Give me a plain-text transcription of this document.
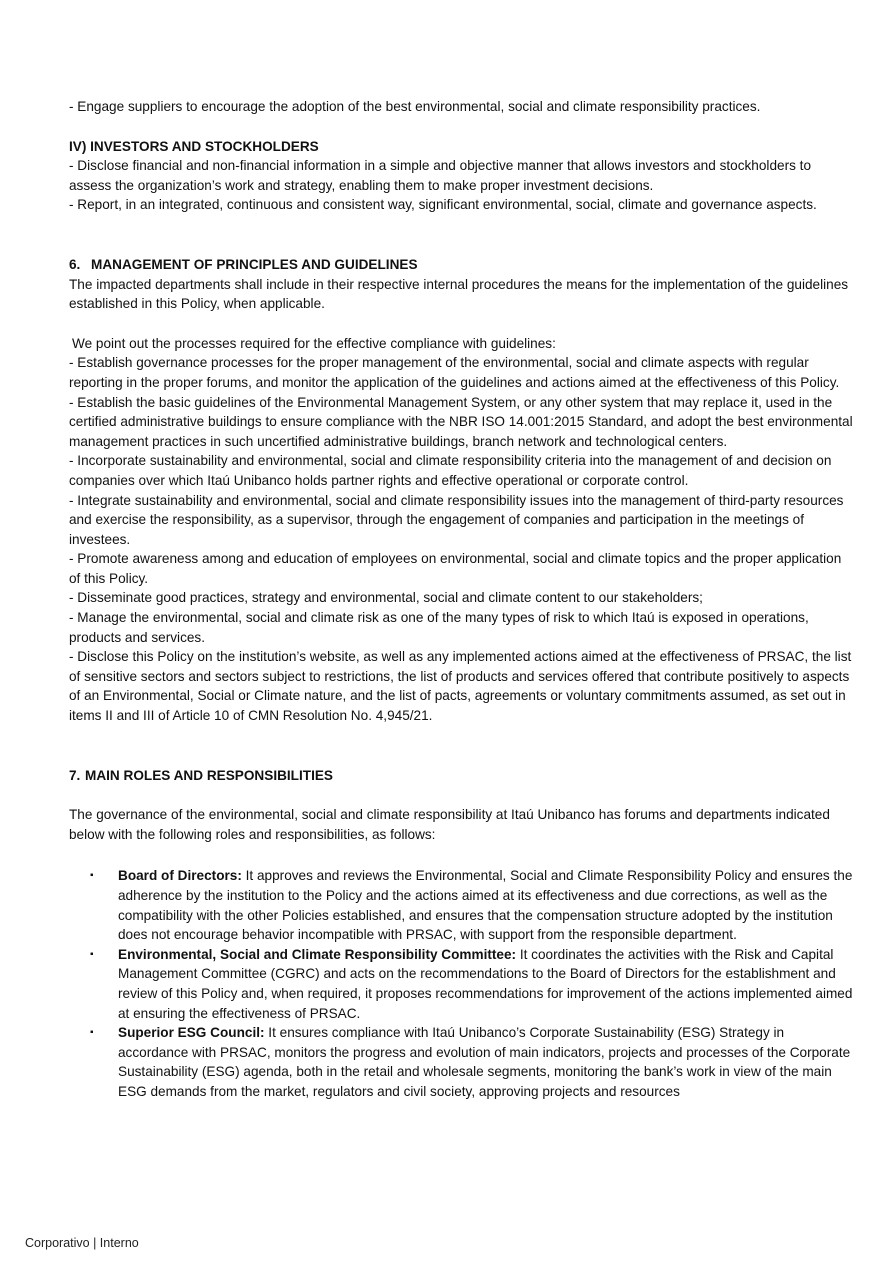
- Engage suppliers to encourage the adoption of the best environmental, social and climate responsibility practices.

IV) INVESTORS AND STOCKHOLDERS

- Disclose financial and non-financial information in a simple and objective manner that allows investors and stockholders to assess the organization’s work and strategy, enabling them to make proper investment decisions.

- Report, in an integrated, continuous and consistent way, significant environmental, social, climate and governance aspects.

6. MANAGEMENT OF PRINCIPLES AND GUIDELINES

The impacted departments shall include in their respective internal procedures the means for the implementation of the guidelines established in this Policy, when applicable.

We point out the processes required for the effective compliance with guidelines:

- Establish governance processes for the proper management of the environmental, social and climate aspects with regular reporting in the proper forums, and monitor the application of the guidelines and actions aimed at the effectiveness of this Policy.

- Establish the basic guidelines of the Environmental Management System, or any other system that may replace it, used in the certified administrative buildings to ensure compliance with the NBR ISO 14.001:2015 Standard, and adopt the best environmental management practices in such uncertified administrative buildings, branch network and technological centers.

- Incorporate sustainability and environmental, social and climate responsibility criteria into the management of and decision on companies over which Itaú Unibanco holds partner rights and effective operational or corporate control.

- Integrate sustainability and environmental, social and climate responsibility issues into the management of third-party resources and exercise the responsibility, as a supervisor, through the engagement of companies and participation in the meetings of investees.

- Promote awareness among and education of employees on environmental, social and climate topics and the proper application of this Policy.

- Disseminate good practices, strategy and environmental, social and climate content to our stakeholders;

- Manage the environmental, social and climate risk as one of the many types of risk to which Itaú is exposed in operations, products and services.

- Disclose this Policy on the institution’s website, as well as any implemented actions aimed at the effectiveness of PRSAC, the list of sensitive sectors and sectors subject to restrictions, the list of products and services offered that contribute positively to aspects of an Environmental, Social or Climate nature, and the list of pacts, agreements or voluntary commitments assumed, as set out in items II and III of Article 10 of CMN Resolution No. 4,945/21.

7. MAIN ROLES AND RESPONSIBILITIES

The governance of the environmental, social and climate responsibility at Itaú Unibanco has forums and departments indicated below with the following roles and responsibilities, as follows:

▪ Board of Directors: It approves and reviews the Environmental, Social and Climate Responsibility Policy and ensures the adherence by the institution to the Policy and the actions aimed at its effectiveness and due corrections, as well as the compatibility with the other Policies established, and ensures that the compensation structure adopted by the institution does not encourage behavior incompatible with PRSAC, with support from the responsible department.
▪ Environmental, Social and Climate Responsibility Committee: It coordinates the activities with the Risk and Capital Management Committee (CGRC) and acts on the recommendations to the Board of Directors for the establishment and review of this Policy and, when required, it proposes recommendations for improvement of the actions implemented aimed at ensuring the effectiveness of PRSAC.
▪ Superior ESG Council: It ensures compliance with Itaú Unibanco’s Corporate Sustainability (ESG) Strategy in accordance with PRSAC, monitors the progress and evolution of main indicators, projects and processes of the Corporate Sustainability (ESG) agenda, both in the retail and wholesale segments, monitoring the bank’s work in view of the main ESG demands from the market, regulators and civil society, approving projects and resources
Corporativo | Interno
